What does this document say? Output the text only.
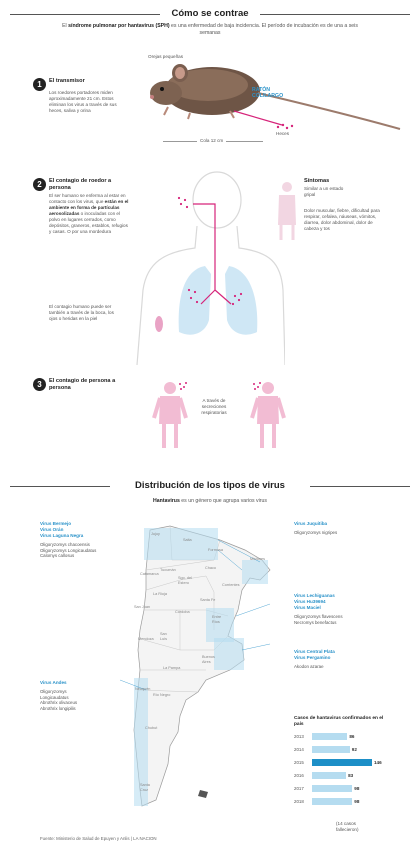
Cómo se contrae
El síndrome pulmonar por hantavirus (SPH) es una enfermedad de baja incidencia. El período de incubación es de una a seis semanas
Orejas pequeñas
RATÓN COLILARGO
Heces
Cola 12 cm
1	El transmisor
Los roedores portadores miden aproximadamente 21 cm. Estos eliminan los virus a través de sus heces, saliva y orina
2	El contagio de roedor a persona
El ser humano se enferma al estar en contacto con los virus, que están en el ambiente en forma de partículas aerosolizadas o inoculadas con el polvo en lugares cerrados, como depósitos, graneros, establos, refugios y casas. O por una mordedura
El contagio humano puede ser también a través de la boca, los ojos o heridas en la piel
Síntomas
Similar a un estado gripal
Dolor muscular, fiebre, dificultad para respirar, cefalea, náuseas, vómitos, diarrea, dolor abdominal, dolor de cabeza y tos
3	El contagio de persona a persona
A través de secreciones respiratorias
Distribución de los tipos de virus
Hantavirus es un género que agrupa varios virus
Jujuy
Salta
Formosa
Misiones
Chaco
Tucumán
Catamarca
Sgo. del Estero
Corrientes
La Rioja
Santa Fe
San Juan
Córdoba
Entre Ríos
Mendoza
San Luis
Buenos Aires
La Pampa
Neuquén
Río Negro
Chubut
Santa Cruz
Virus Bermejo
Virus Orán
Virus Laguna Negra
Oligoryzomys chacoensis
Oligoryzomys Longicaudatus
Calomys callosus
Virus Juquitiba
Oligoryzomys nigripes
Virus Lechiguanas
Virus Hu39694
Virus Maciel
Oligoryzomys flavescens
Necromys benefactus
Virus Central Plata
Virus Pergamino
Akodon azarae
Virus Andes
Oligoryzomys
Longicaudatus
Abrothrix olivaceus
Abrothrix longipilis
Casos de hantavirus confirmados en el país
2013	86
2014	92
2015	146
2016	83
2017	98
2018	98
(14 casos fallecieron)
Fuente: Ministerio de Salud de Epuyen y Anlis | LA NACION
